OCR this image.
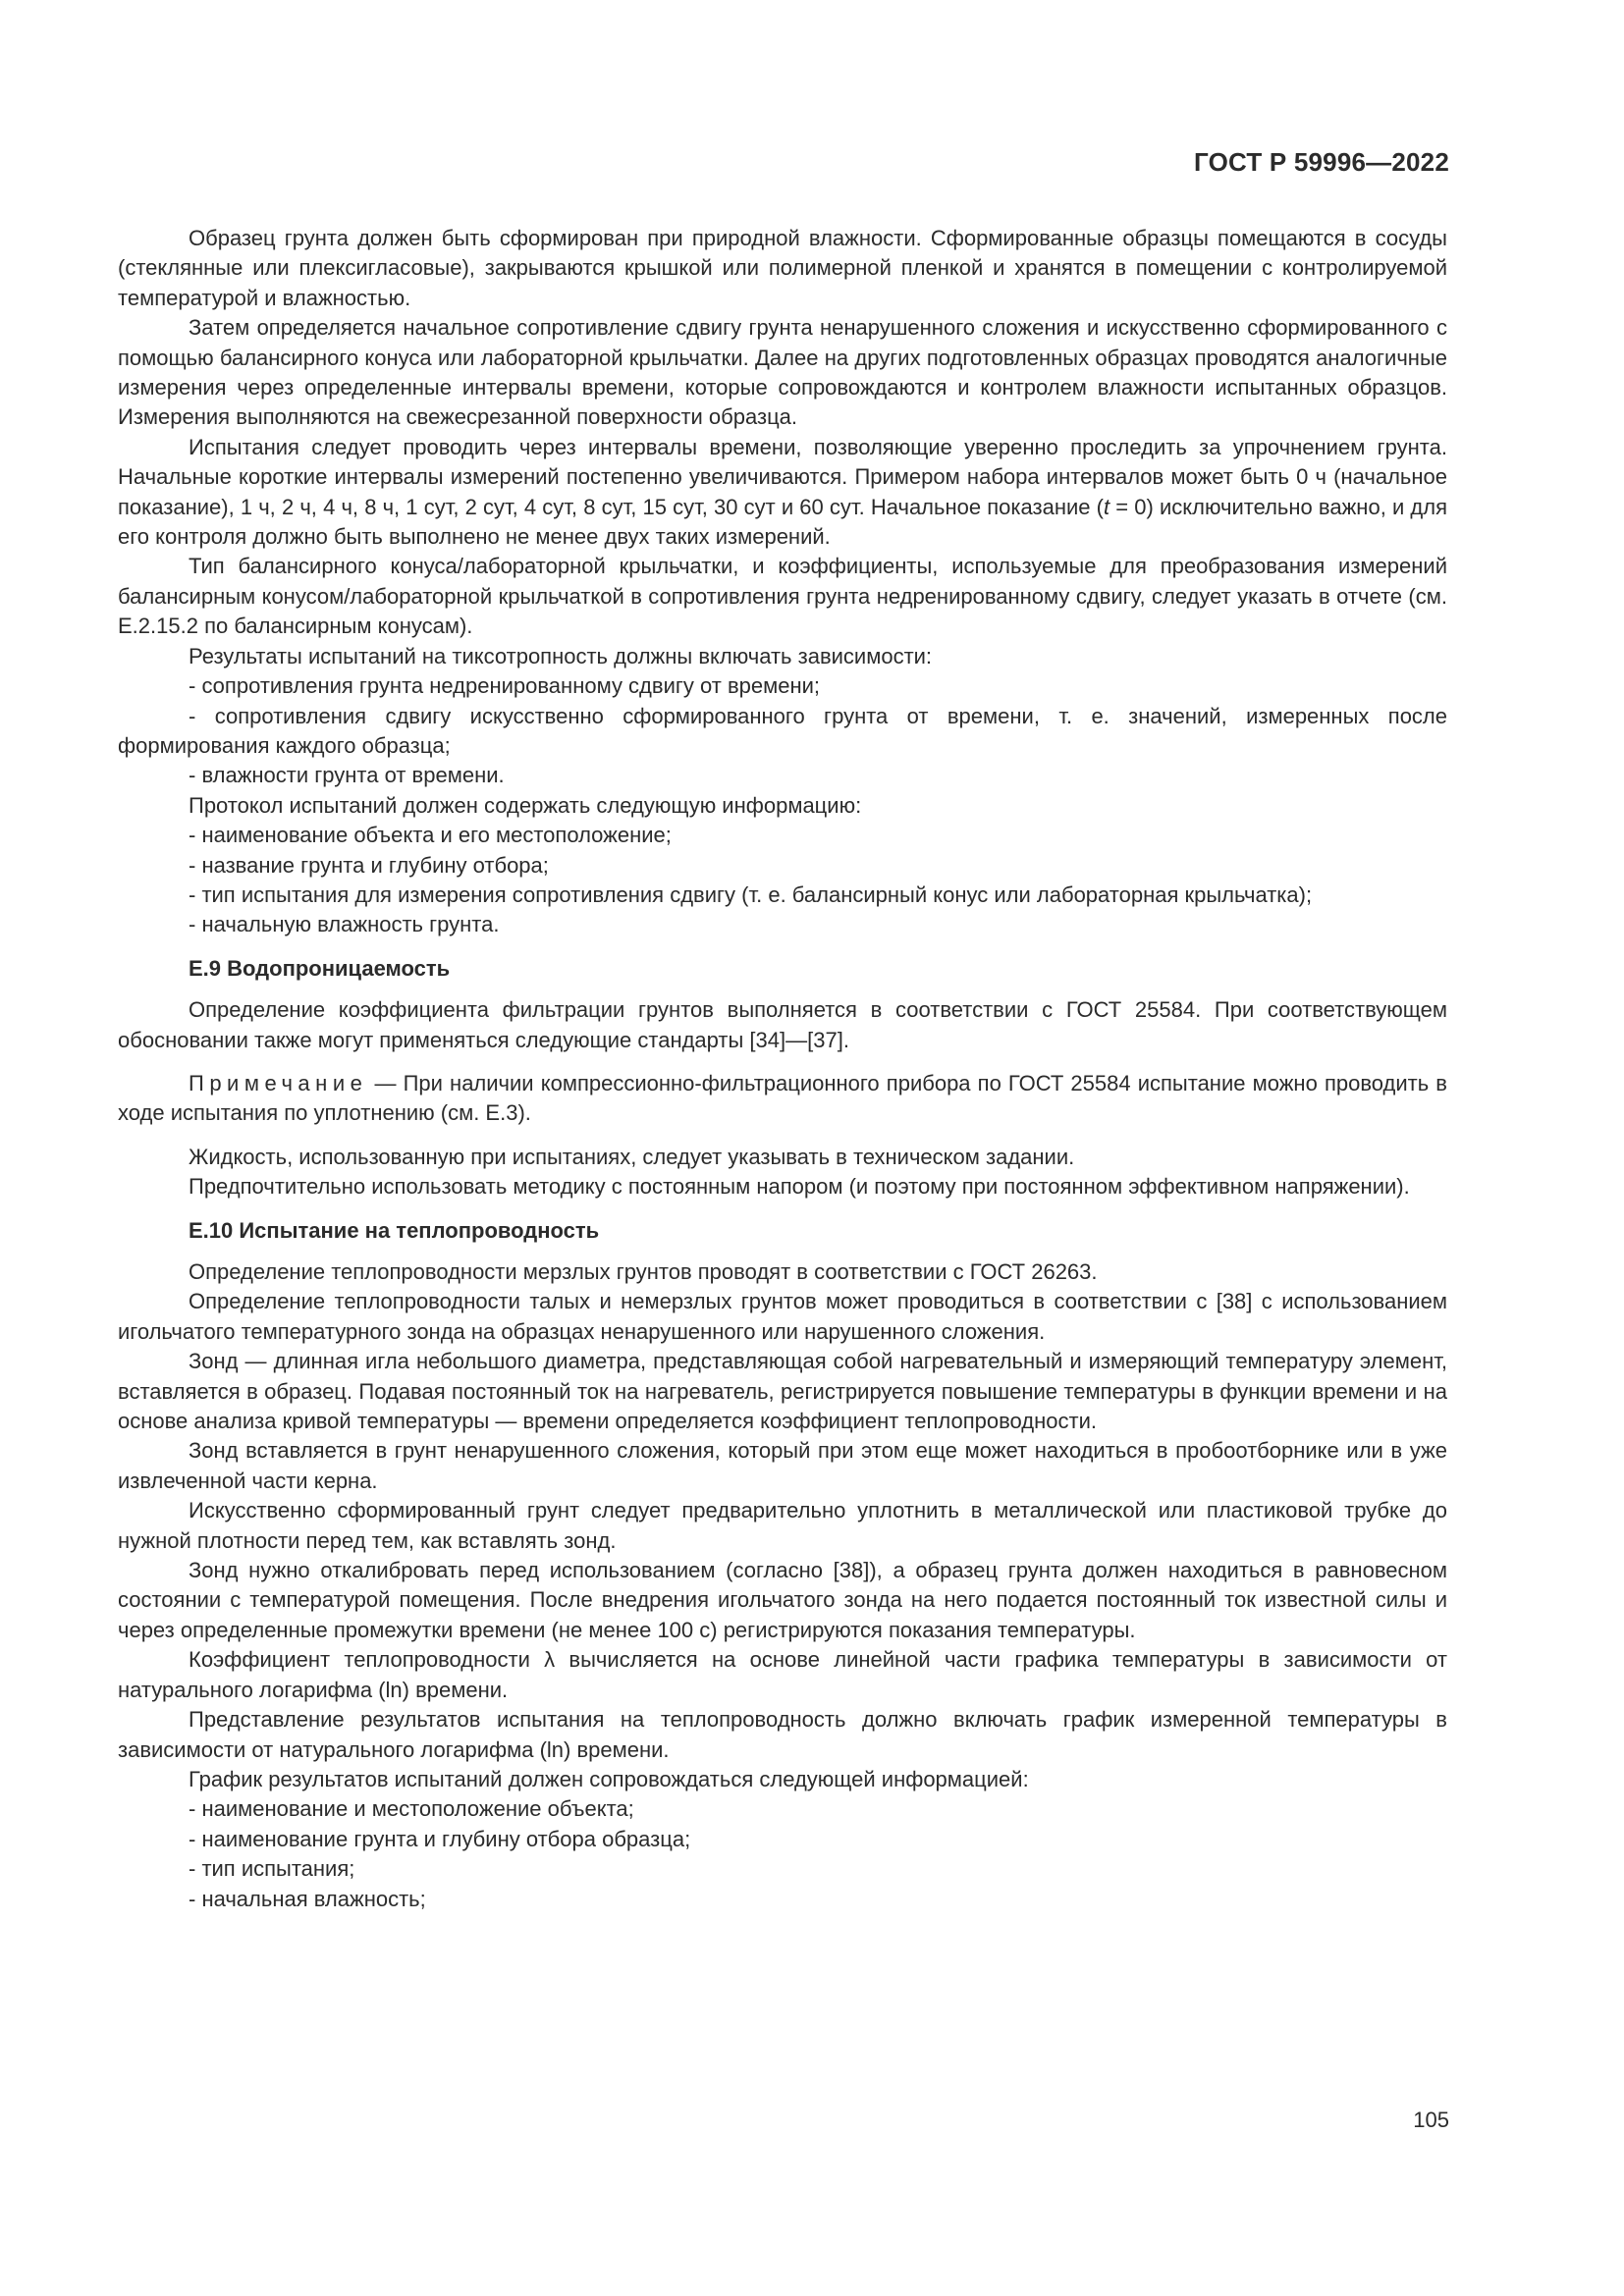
ГОСТ Р 59996—2022

Образец грунта должен быть сформирован при природной влажности. Сформированные образцы помещаются в сосуды (стеклянные или плексигласовые), закрываются крышкой или полимерной пленкой и хранятся в помещении с контролируемой температурой и влажностью.

Затем определяется начальное сопротивление сдвигу грунта ненарушенного сложения и искусственно сформированного с помощью балансирного конуса или лабораторной крыльчатки. Далее на других подготовленных образцах проводятся аналогичные измерения через определенные интервалы времени, которые сопровождаются и контролем влажности испытанных образцов. Измерения выполняются на свежесрезанной поверхности образца.

Испытания следует проводить через интервалы времени, позволяющие уверенно проследить за упрочнением грунта. Начальные короткие интервалы измерений постепенно увеличиваются. Примером набора интервалов может быть 0 ч (начальное показание), 1 ч, 2 ч, 4 ч, 8 ч, 1 сут, 2 сут, 4 сут, 8 сут, 15 сут, 30 сут и 60 сут. Начальное показание (t = 0) исключительно важно, и для его контроля должно быть выполнено не менее двух таких измерений.

Тип балансирного конуса/лабораторной крыльчатки, и коэффициенты, используемые для преобразования измерений балансирным конусом/лабораторной крыльчаткой в сопротивления грунта недренированному сдвигу, следует указать в отчете (см. Е.2.15.2 по балансирным конусам).

Результаты испытаний на тиксотропность должны включать зависимости:

- сопротивления грунта недренированному сдвигу от времени;

- сопротивления сдвигу искусственно сформированного грунта от времени, т. е. значений, измеренных после формирования каждого образца;

- влажности грунта от времени.

Протокол испытаний должен содержать следующую информацию:

- наименование объекта и его местоположение;

- название грунта и глубину отбора;

- тип испытания для измерения сопротивления сдвигу (т. е. балансирный конус или лабораторная крыльчатка);

- начальную влажность грунта.

Е.9 Водопроницаемость

Определение коэффициента фильтрации грунтов выполняется в соответствии с ГОСТ 25584. При соответствующем обосновании также могут применяться следующие стандарты [34]—[37].

Примечание — При наличии компрессионно-фильтрационного прибора по ГОСТ 25584 испытание можно проводить в ходе испытания по уплотнению (см. Е.3).

Жидкость, использованную при испытаниях, следует указывать в техническом задании.

Предпочтительно использовать методику с постоянным напором (и поэтому при постоянном эффективном напряжении).

Е.10 Испытание на теплопроводность

Определение теплопроводности мерзлых грунтов проводят в соответствии с ГОСТ 26263.

Определение теплопроводности талых и немерзлых грунтов может проводиться в соответствии с [38] с использованием игольчатого температурного зонда на образцах ненарушенного или нарушенного сложения.

Зонд — длинная игла небольшого диаметра, представляющая собой нагревательный и измеряющий температуру элемент, вставляется в образец. Подавая постоянный ток на нагреватель, регистрируется повышение температуры в функции времени и на основе анализа кривой температуры — времени определяется коэффициент теплопроводности.

Зонд вставляется в грунт ненарушенного сложения, который при этом еще может находиться в пробоотборнике или в уже извлеченной части керна.

Искусственно сформированный грунт следует предварительно уплотнить в металлической или пластиковой трубке до нужной плотности перед тем, как вставлять зонд.

Зонд нужно откалибровать перед использованием (согласно [38]), а образец грунта должен находиться в равновесном состоянии с температурой помещения. После внедрения игольчатого зонда на него подается постоянный ток известной силы и через определенные промежутки времени (не менее 100 с) регистрируются показания температуры.

Коэффициент теплопроводности λ вычисляется на основе линейной части графика температуры в зависимости от натурального логарифма (ln) времени.

Представление результатов испытания на теплопроводность должно включать график измеренной температуры в зависимости от натурального логарифма (ln) времени.

График результатов испытаний должен сопровождаться следующей информацией:

- наименование и местоположение объекта;

- наименование грунта и глубину отбора образца;

- тип испытания;

- начальная влажность;

105
